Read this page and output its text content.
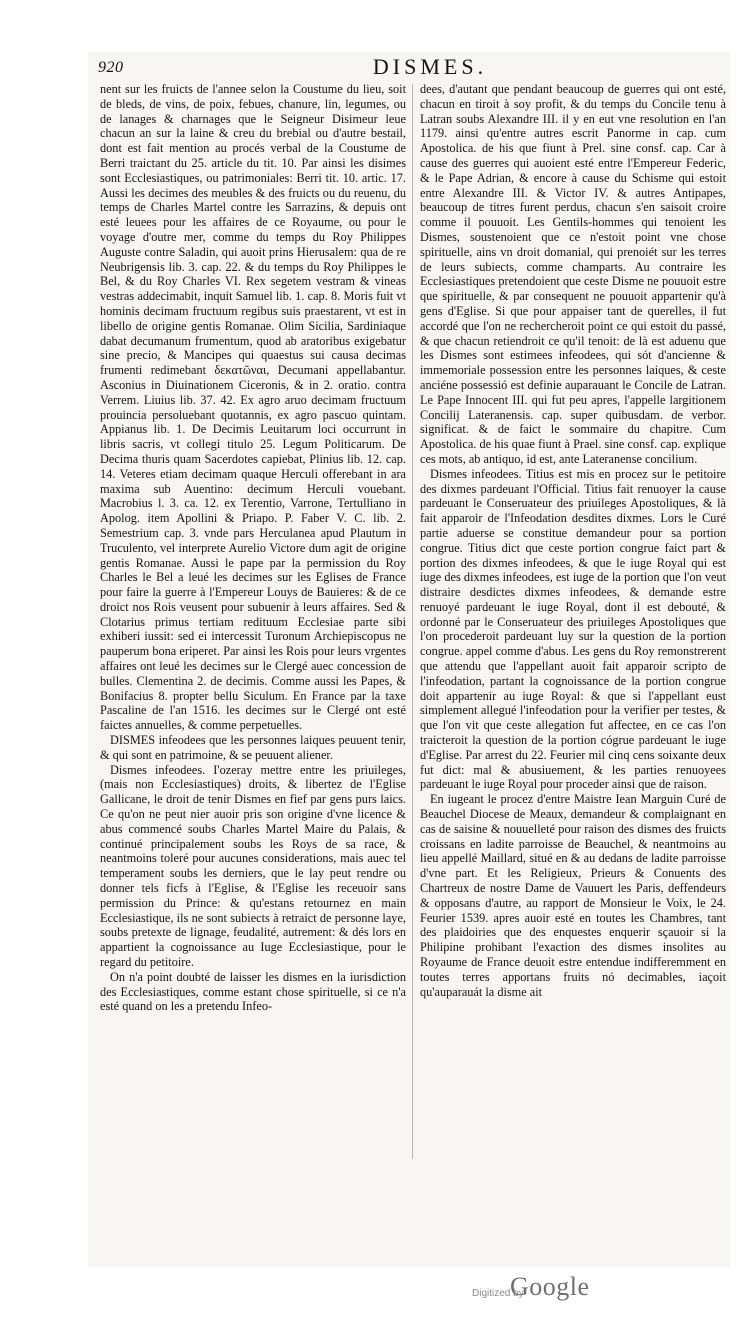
920	DISMES.

nent sur les fruicts de l'annee selon la Coustume du lieu, soit de bleds, de vins, de poix, febues, chanure, lin, legumes, ou de lanages & charnages que le Seigneur Disimeur leue chacun an sur la laine & creu du brebial ou d'autre bestail, dont est fait mention au procés verbal de la Coustume de Berri traictant du 25. article du tit. 10. Par ainsi les disimes sont Ecclesiastiques, ou patrimoniales: Berri tit. 10. artic. 17. Aussi les decimes des meubles & des fruicts ou du reuenu, du temps de Charles Martel contre les Sarrazins, & depuis ont esté leuees pour les affaires de ce Royaume, ou pour le voyage d'outre mer, comme du temps du Roy Philippes Auguste contre Saladin, qui auoit prins Hierusalem: qua de re Neubrigensis lib. 3. cap. 22. & du temps du Roy Philippes le Bel, & du Roy Charles VI. Rex segetem vestram & vineas vestras addecimabit, inquit Samuel lib. 1. cap. 8. Moris fuit vt hominis decimam fructuum regibus suis praestarent, vt est in libello de origine gentis Romanae. Olim Sicilia, Sardiniaque dabat decumanum frumentum, quod ab aratoribus exigebatur sine precio, & Mancipes qui quaestus sui causa decimas frumenti redimebant δεκατῶναι, Decumani appellabantur. Asconius in Diuinationem Ciceronis, & in 2. oratio. contra Verrem. Liuius lib. 37. 42. Ex agro aruo decimam fructuum prouincia persoluebant quotannis, ex agro pascuo quintam. Appianus lib. 1. De Decimis Leuitarum loci occurrunt in libris sacris, vt collegi titulo 25. Legum Politicarum. De Decima thuris quam Sacerdotes capiebat, Plinius lib. 12. cap. 14. Veteres etiam decimam quaque Herculi offerebant in ara maxima sub Auentino: decimum Herculi vouebant. Macrobius l. 3. ca. 12. ex Terentio, Varrone, Tertulliano in Apolog. item Apollini & Priapo. P. Faber V. C. lib. 2. Semestrium cap. 3. vnde pars Herculanea apud Plautum in Truculento, vel interprete Aurelio Victore dum agit de origine gentis Romanae. Aussi le pape par la permission du Roy Charles le Bel a leué les decimes sur les Eglises de France pour faire la guerre à l'Empereur Louys de Bauieres: & de ce droict nos Rois veusent pour subuenir à leurs affaires. Sed & Clotarius primus tertiam redituum Ecclesiae parte sibi exhiberi iussit: sed ei intercessit Turonum Archiepiscopus ne pauperum bona eriperet. Par ainsi les Rois pour leurs vrgentes affaires ont leué les decimes sur le Clergé auec concession de bulles. Clementina 2. de decimis. Comme aussi les Papes, & Bonifacius 8. propter bellu Siculum. En France par la taxe Pascaline de l'an 1516. les decimes sur le Clergé ont esté faictes annuelles, & comme perpetuelles.

DISMES infeodees que les personnes laiques peuuent tenir, & qui sont en patrimoine, & se peuuent aliener.

Dismes infeodees. I'ozeray mettre entre les priuileges, (mais non Ecclesiastiques) droits, & libertez de l'Eglise Gallicane, le droit de tenir Dismes en fief par gens purs laics. Ce qu'on ne peut nier auoir pris son origine d'vne licence & abus commencé soubs Charles Martel Maire du Palais, & continué principalement soubs les Roys de sa race, & neantmoins toleré pour aucunes considerations, mais auec tel temperament soubs les derniers, que le lay peut rendre ou donner tels ficfs à l'Eglise, & l'Eglise les receuoir sans permission du Prince: & qu'estans retournez en main Ecclesiastique, ils ne sont subiects à retraict de personne laye, soubs pretexte de lignage, feudalité, autrement: & dés lors en appartient la cognoissance au Iuge Ecclesiastique, pour le regard du petitoire.

On n'a point doubté de laisser les dismes en la iurisdiction des Ecclesiastiques, comme estant chose spirituelle, si ce n'a esté quand on les a pretendu Infeo-

dees, d'autant que pendant beaucoup de guerres qui ont esté, chacun en tiroit à soy profit, & du temps du Concile tenu à Latran soubs Alexandre III. il y en eut vne resolution en l'an 1179. ainsi qu'entre autres escrit Panorme in cap. cum Apostolica. de his que fiunt à Prel. sine consf. cap. Car à cause des guerres qui auoient esté entre l'Empereur Federic, & le Pape Adrian, & encore à cause du Schisme qui estoit entre Alexandre III. & Victor IV. & autres Antipapes, beaucoup de titres furent perdus, chacun s'en saisoit croire comme il pouuoit. Les Gentils-hommes qui tenoient les Dismes, soustenoient que ce n'estoit point vne chose spirituelle, ains vn droit domanial, qui prenoiét sur les terres de leurs subiects, comme champarts. Au contraire les Ecclesiastiques pretendoient que ceste Disme ne pouuoit estre que spirituelle, & par consequent ne pouuoit appartenir qu'à gens d'Eglise. Si que pour appaiser tant de querelles, il fut accordé que l'on ne rechercheroit point ce qui estoit du passé, & que chacun retiendroit ce qu'il tenoit: de là est aduenu que les Dismes sont estimees infeodees, qui sót d'ancienne & immemoriale possession entre les personnes laiques, & ceste anciéne possessió est definie auparauant le Concile de Latran. Le Pape Innocent III. qui fut peu apres, l'appelle largitionem Concilij Lateranensis. cap. super quibusdam. de verbor. significat. & de faict le sommaire du chapitre. Cum Apostolica. de his quae fiunt à Prael. sine consf. cap. explique ces mots, ab antiquo, id est, ante Lateranense concilium.

Dismes infeodees. Titius est mis en procez sur le petitoire des dixmes pardeuant l'Official. Titius fait renuoyer la cause pardeuant le Conseruateur des priuileges Apostoliques, & là fait apparoir de l'Infeodation desdites dixmes. Lors le Curé partie aduerse se constitue demandeur pour sa portion congrue. Titius dict que ceste portion congrue faict part & portion des dixmes infeodees, & que le iuge Royal qui est iuge des dixmes infeodees, est iuge de la portion que l'on veut distraire desdictes dixmes infeodees, & demande estre renuoyé pardeuant le iuge Royal, dont il est debouté, & ordonné par le Conseruateur des priuileges Apostoliques que l'on procederoit pardeuant luy sur la question de la portion congrue. appel comme d'abus. Les gens du Roy remonstrerent que attendu que l'appellant auoit fait apparoir scripto de l'infeodation, partant la cognoissance de la portion congrue doit appartenir au iuge Royal: & que si l'appellant eust simplement allegué l'infeodation pour la verifier per testes, & que l'on vit que ceste allegation fut affectee, en ce cas l'on traicteroit la question de la portion cógrue pardeuant le iuge d'Eglise. Par arrest du 22. Feurier mil cinq cens soixante deux fut dict: mal & abusiuement, & les parties renuoyees pardeuant le iuge Royal pour proceder ainsi que de raison.

En iugeant le procez d'entre Maistre Iean Marguin Curé de Beauchel Diocese de Meaux, demandeur & complaignant en cas de saisine & nouuelleté pour raison des dismes des fruicts croissans en ladite parroisse de Beauchel, & neantmoins au lieu appellé Maillard, situé en & au dedans de ladite parroisse d'vne part. Et les Religieux, Prieurs & Conuents des Chartreux de nostre Dame de Vauuert les Paris, deffendeurs & opposans d'autre, au rapport de Monsieur le Voix, le 24. Feurier 1539. apres auoir esté en toutes les Chambres, tant des plaidoiries que des enquestes enquerir sçauoir si la Philipine prohibant l'exaction des dismes insolites au Royaume de France deuoit estre entendue indifferemment en toutes terres apportans fruits nó decimables, iaçoit qu'auparauát la disme ait

Digitized by
Google
